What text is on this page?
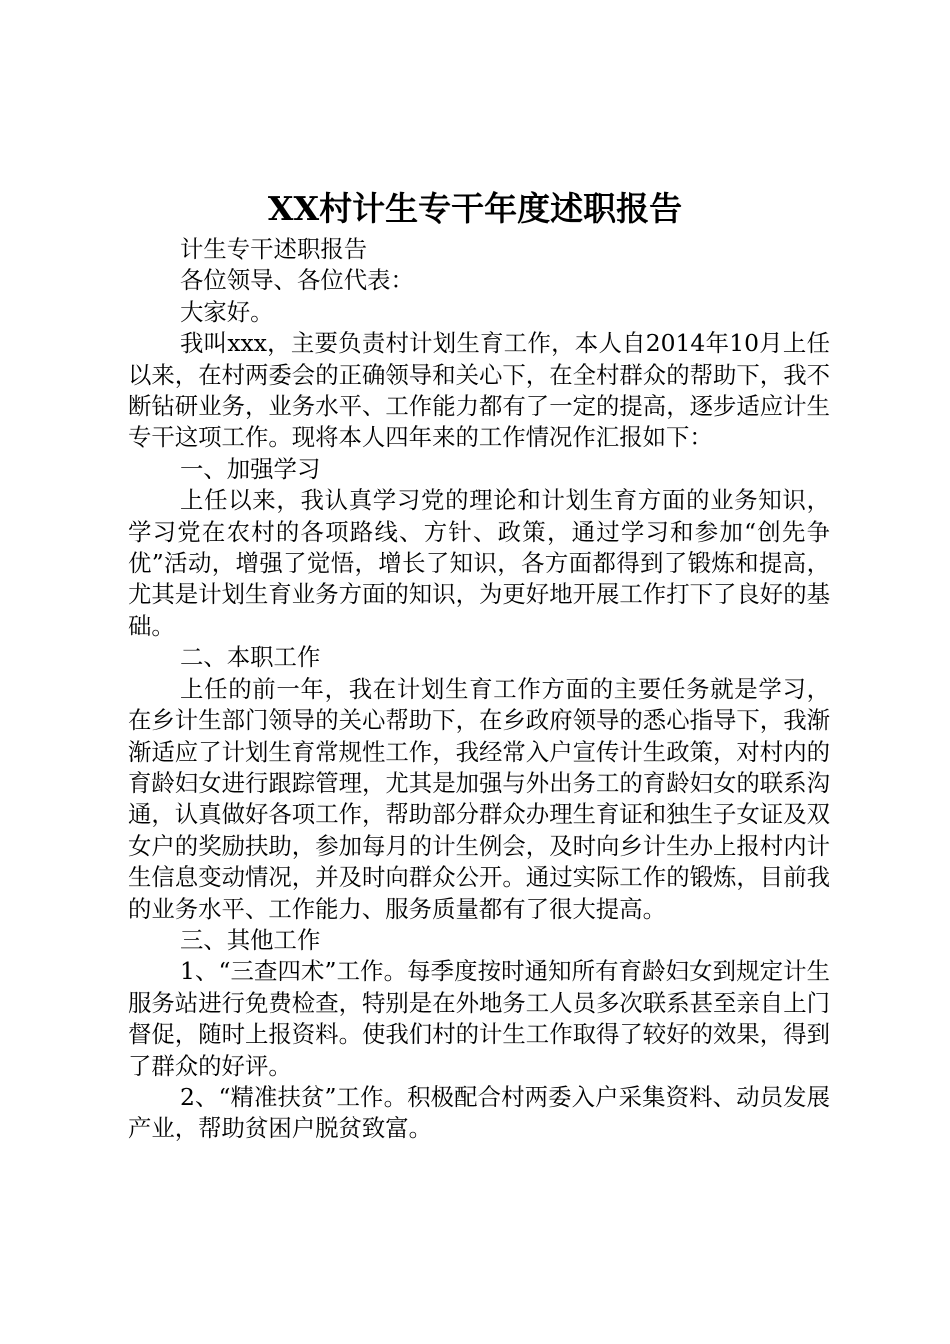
XX村计生专干年度述职报告

计生专干述职报告

各位领导、各位代表：

大家好。

我叫xxx，主要负责村计划生育工作，本人自2014年10月上任以来，在村两委会的正确领导和关心下，在全村群众的帮助下，我不断钻研业务，业务水平、工作能力都有了一定的提高，逐步适应计生专干这项工作。现将本人四年来的工作情况作汇报如下：

一、加强学习

上任以来，我认真学习党的理论和计划生育方面的业务知识，学习党在农村的各项路线、方针、政策，通过学习和参加“创先争优”活动，增强了觉悟，增长了知识，各方面都得到了锻炼和提高，尤其是计划生育业务方面的知识，为更好地开展工作打下了良好的基础。

二、本职工作

上任的前一年，我在计划生育工作方面的主要任务就是学习，在乡计生部门领导的关心帮助下，在乡政府领导的悉心指导下，我渐渐适应了计划生育常规性工作，我经常入户宣传计生政策，对村内的育龄妇女进行跟踪管理，尤其是加强与外出务工的育龄妇女的联系沟通，认真做好各项工作，帮助部分群众办理生育证和独生子女证及双女户的奖励扶助，参加每月的计生例会，及时向乡计生办上报村内计生信息变动情况，并及时向群众公开。通过实际工作的锻炼，目前我的业务水平、工作能力、服务质量都有了很大提高。

三、其他工作

1、“三查四术”工作。每季度按时通知所有育龄妇女到规定计生服务站进行免费检查，特别是在外地务工人员多次联系甚至亲自上门督促，随时上报资料。使我们村的计生工作取得了较好的效果，得到了群众的好评。

2、“精准扶贫”工作。积极配合村两委入户采集资料、动员发展产业，帮助贫困户脱贫致富。
